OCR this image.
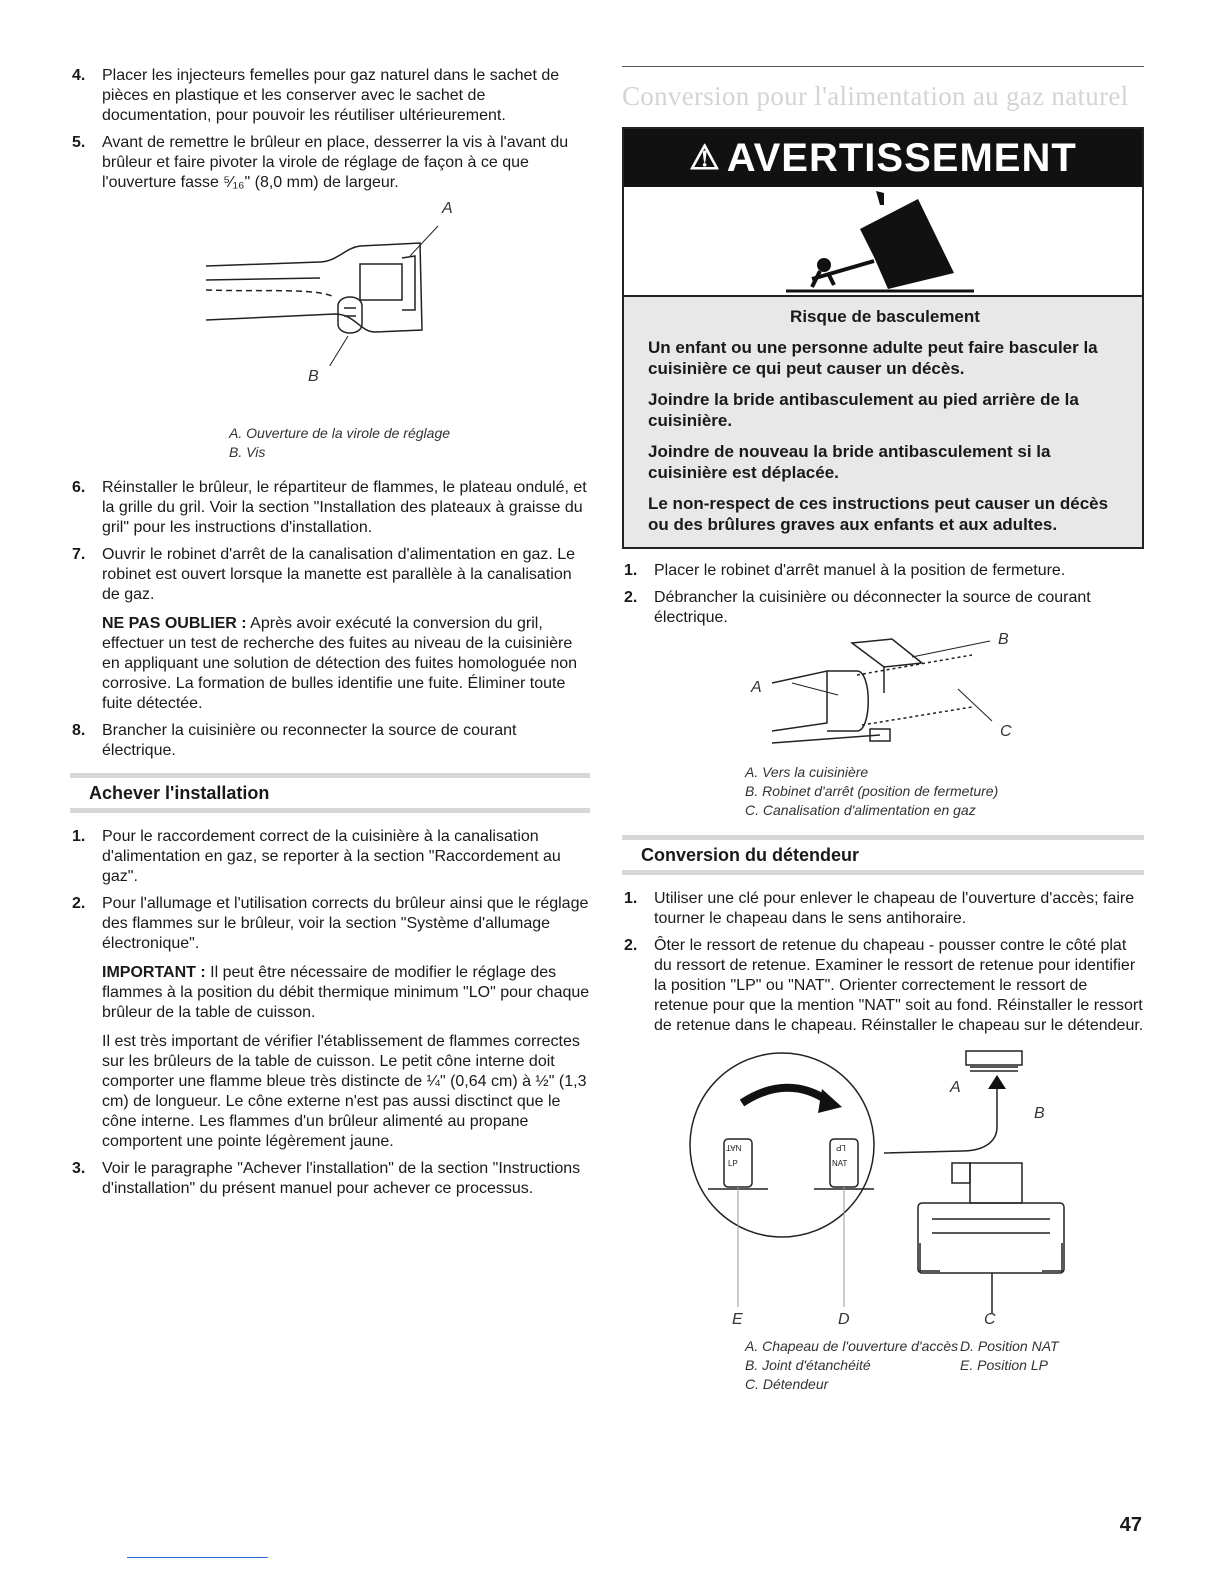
4. Placer les injecteurs femelles pour gaz naturel dans le sachet de pièces en plastique et les conserver avec le sachet de documentation, pour pouvoir les réutiliser ultérieurement.

5. Avant de remettre le brûleur en place, desserrer la vis à l'avant du brûleur et faire pivoter la virole de réglage de façon à ce que l'ouverture fasse ⁵⁄₁₆" (8,0 mm) de largeur.

A
B
A. Ouverture de la virole de réglage
B. Vis
6. Réinstaller le brûleur, le répartiteur de flammes, le plateau ondulé, et la grille du gril. Voir la section "Installation des plateaux à graisse du gril" pour les instructions d'installation.

7. Ouvrir le robinet d'arrêt de la canalisation d'alimentation en gaz. Le robinet est ouvert lorsque la manette est parallèle à la canalisation de gaz.

NE PAS OUBLIER : Après avoir exécuté la conversion du gril, effectuer un test de recherche des fuites au niveau de la cuisinière en appliquant une solution de détection des fuites homologuée non corrosive. La formation de bulles identifie une fuite. Éliminer toute fuite détectée.

8. Brancher la cuisinière ou reconnecter la source de courant électrique.

Achever l'installation
1. Pour le raccordement correct de la cuisinière à la canalisation d'alimentation en gaz, se reporter à la section "Raccordement au gaz".

2. Pour l'allumage et l'utilisation corrects du brûleur ainsi que le réglage des flammes sur le brûleur, voir la section "Système d'allumage électronique".

IMPORTANT : Il peut être nécessaire de modifier le réglage des flammes à la position du débit thermique minimum "LO" pour chaque brûleur de la table de cuisson.

Il est très important de vérifier l'établissement de flammes correctes sur les brûleurs de la table de cuisson. Le petit cône interne doit comporter une flamme bleue très distincte de ¼" (0,64 cm) à ½" (1,3 cm) de longueur. Le cône externe n'est pas aussi disctinct que le cône interne. Les flammes d'un brûleur alimenté au propane comportent une pointe légèrement jaune.

3. Voir le paragraphe "Achever l'installation" de la section "Instructions d'installation" du présent manuel pour achever ce processus.

Conversion pour l'alimentation au gaz naturel
⚠ AVERTISSEMENT
Risque de basculement

Un enfant ou une personne adulte peut faire basculer la cuisinière ce qui peut causer un décès.

Joindre la bride antibasculement au pied arrière de la cuisinière.

Joindre de nouveau la bride antibasculement si la cuisinière est déplacée.

Le non-respect de ces instructions peut causer un décès ou des brûlures graves aux enfants et aux adultes.

1. Placer le robinet d'arrêt manuel à la position de fermeture.

2. Débrancher la cuisinière ou déconnecter la source de courant électrique.

A
B
C
A. Vers la cuisinière
B. Robinet d'arrêt (position de fermeture)
C. Canalisation d'alimentation en gaz
Conversion du détendeur
1. Utiliser une clé pour enlever le chapeau de l'ouverture d'accès; faire tourner le chapeau dans le sens antihoraire.

2. Ôter le ressort de retenue du chapeau - pousser contre le côté plat du ressort de retenue. Examiner le ressort de retenue pour identifier la position "LP" ou "NAT". Orienter correctement le ressort de retenue pour que la mention "NAT" soit au fond. Réinstaller le ressort de retenue dans le chapeau. Réinstaller le chapeau sur le détendeur.

LP
NAT
NAT
LP
A
B
C
D
E
A. Chapeau de l'ouverture d'accès
B. Joint d'étanchéité
C. Détendeur
D. Position NAT
E. Position LP
47
